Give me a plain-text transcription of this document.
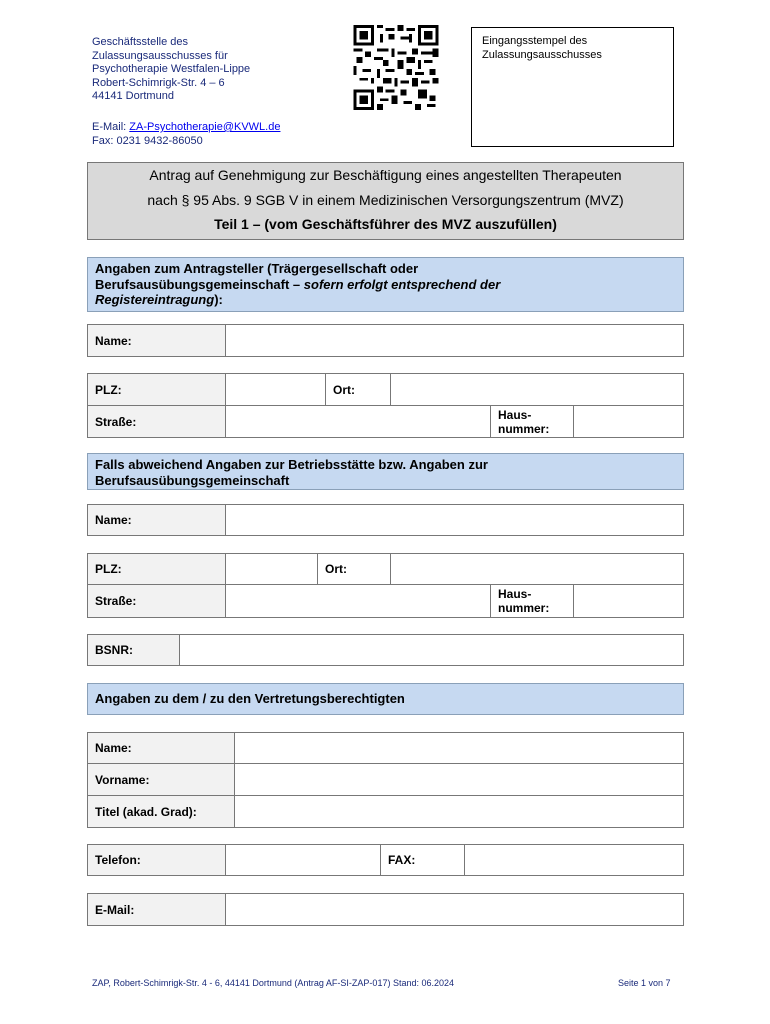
Geschäftsstelle des
Zulassungsausschusses für
Psychotherapie Westfalen-Lippe
Robert-Schimrigk-Str. 4 – 6
44141 Dortmund
E-Mail: ZA-Psychotherapie@KVWL.de
Fax: 0231 9432-86050
Eingangsstempel des
Zulassungsausschusses
Antrag auf Genehmigung zur Beschäftigung eines angestellten Therapeuten
nach § 95 Abs. 9 SGB V in einem Medizinischen Versorgungszentrum (MVZ)
Teil 1 – (vom Geschäftsführer des MVZ auszufüllen)
Angaben zum Antragsteller (Trägergesellschaft oder
Berufsausübungsgemeinschaft – sofern erfolgt entsprechend der
Registereintragung):
Name:
PLZ:	Ort:
Straße:	Haus-
nummer:
Falls abweichend Angaben zur Betriebsstätte bzw. Angaben zur
Berufsausübungsgemeinschaft
Name:
PLZ:	Ort:
Straße:	Haus-
nummer:
BSNR:
Angaben zu dem / zu den Vertretungsberechtigten
Name:
Vorname:
Titel (akad. Grad):
Telefon:	FAX:
E-Mail:
ZAP, Robert-Schimrigk-Str. 4 - 6, 44141 Dortmund (Antrag AF-SI-ZAP-017) Stand: 06.2024	Seite 1 von 7
